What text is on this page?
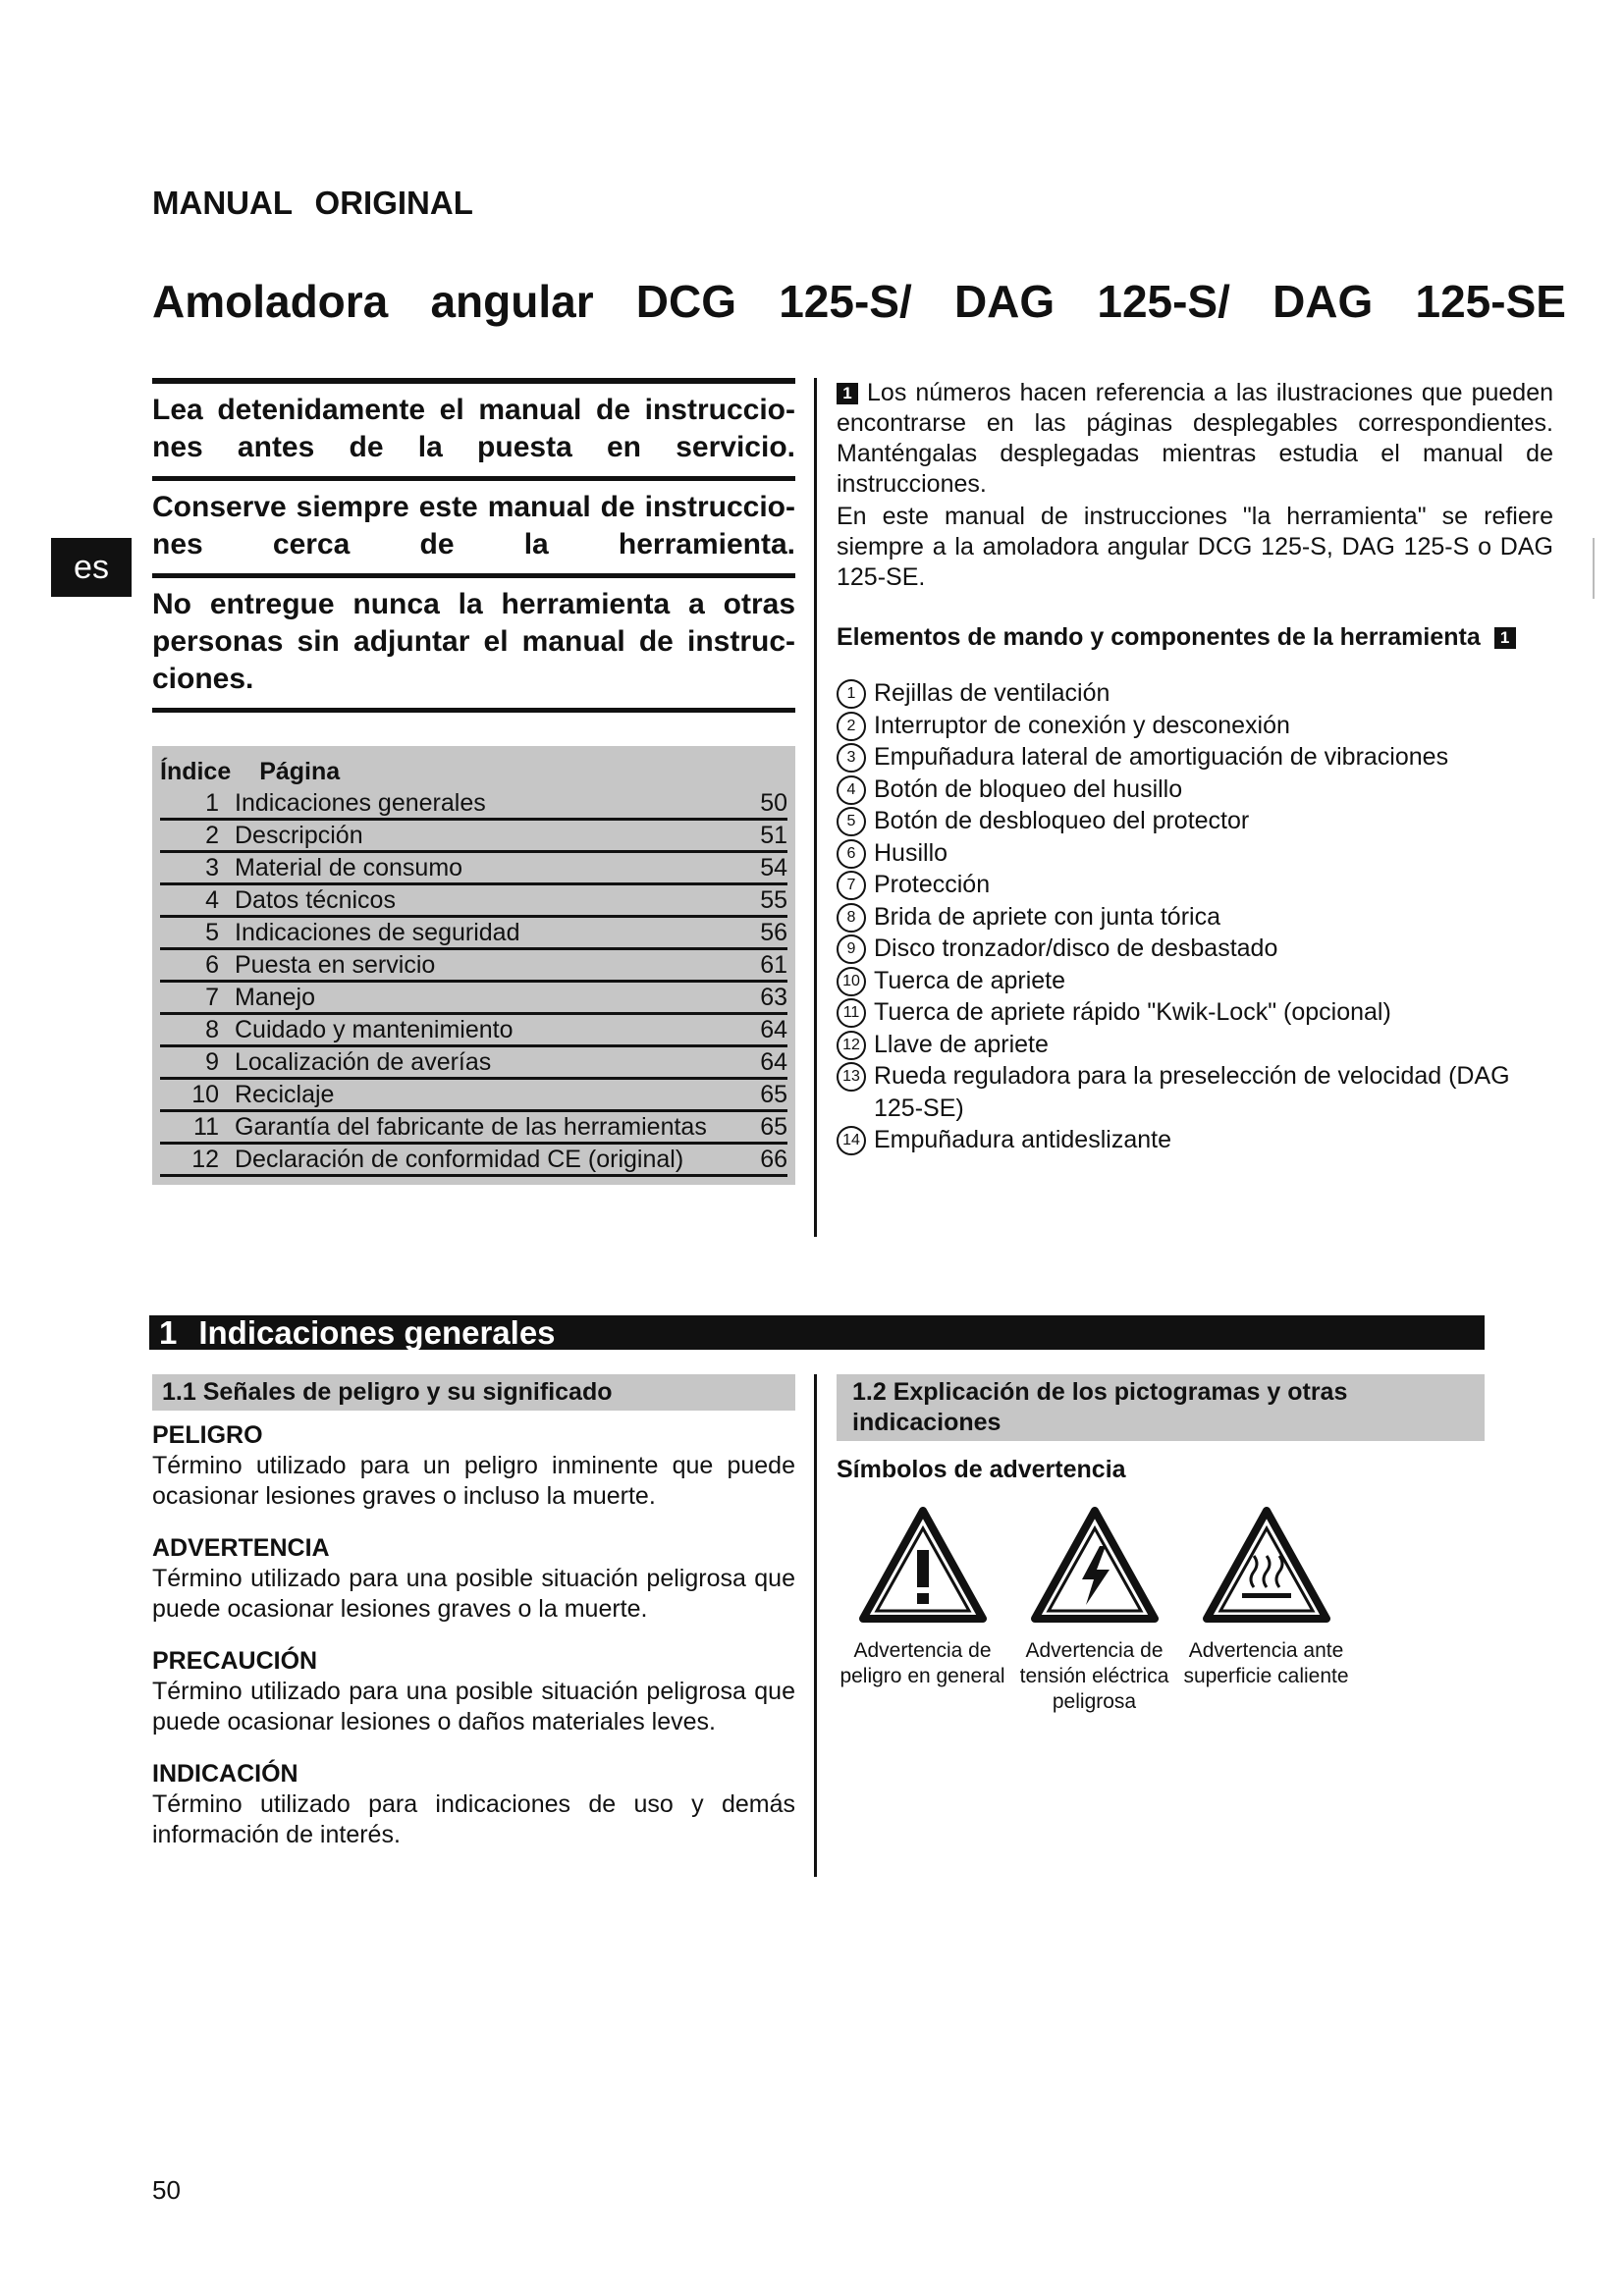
MANUAL ORIGINAL
Amoladora angular DCG 125-S/ DAG 125-S/ DAG 125-SE
es
Lea detenidamente el manual de instruccio-nes antes de la puesta en servicio.
Conserve siempre este manual de instruccio-nes cerca de la herramienta.
No entregue nunca la herramienta a otras personas sin adjuntar el manual de instruc-ciones.
Índice Página
1 Indicaciones generales	50
2 Descripción	51
3 Material de consumo	54
4 Datos técnicos	55
5 Indicaciones de seguridad	56
6 Puesta en servicio	61
7 Manejo	63
8 Cuidado y mantenimiento	64
9 Localización de averías	64
10 Reciclaje	65
11 Garantía del fabricante de las herramientas	65
12 Declaración de conformidad CE (original)	66

1 Los números hacen referencia a las ilustraciones que pueden encontrarse en las páginas desplegables correspondientes. Manténgalas desplegadas mientras estudia el manual de instrucciones.

En este manual de instrucciones "la herramienta" se refiere siempre a la amoladora angular DCG 125-S, DAG 125-S o DAG 125-SE.

Elementos de mando y componentes de la herramienta 1
1 Rejillas de ventilación
2 Interruptor de conexión y desconexión
3 Empuñadura lateral de amortiguación de vibraciones
4 Botón de bloqueo del husillo
5 Botón de desbloqueo del protector
6 Husillo
7 Protección
8 Brida de apriete con junta tórica
9 Disco tronzador/disco de desbastado
10 Tuerca de apriete
11 Tuerca de apriete rápido "Kwik-Lock" (opcional)
12 Llave de apriete
13 Rueda reguladora para la preselección de velocidad (DAG 125-SE)
14 Empuñadura antideslizante
1 Indicaciones generales
1.1 Señales de peligro y su significado
PELIGRO
Término utilizado para un peligro inminente que puede ocasionar lesiones graves o incluso la muerte.
ADVERTENCIA
Término utilizado para una posible situación peligrosa que puede ocasionar lesiones graves o la muerte.
PRECAUCIÓN
Término utilizado para una posible situación peligrosa que puede ocasionar lesiones o daños materiales leves.
INDICACIÓN
Término utilizado para indicaciones de uso y demás información de interés.
1.2 Explicación de los pictogramas y otras indicaciones
Símbolos de advertencia
Advertencia de peligro en general
Advertencia de tensión eléctrica peligrosa
Advertencia ante superficie caliente
50
